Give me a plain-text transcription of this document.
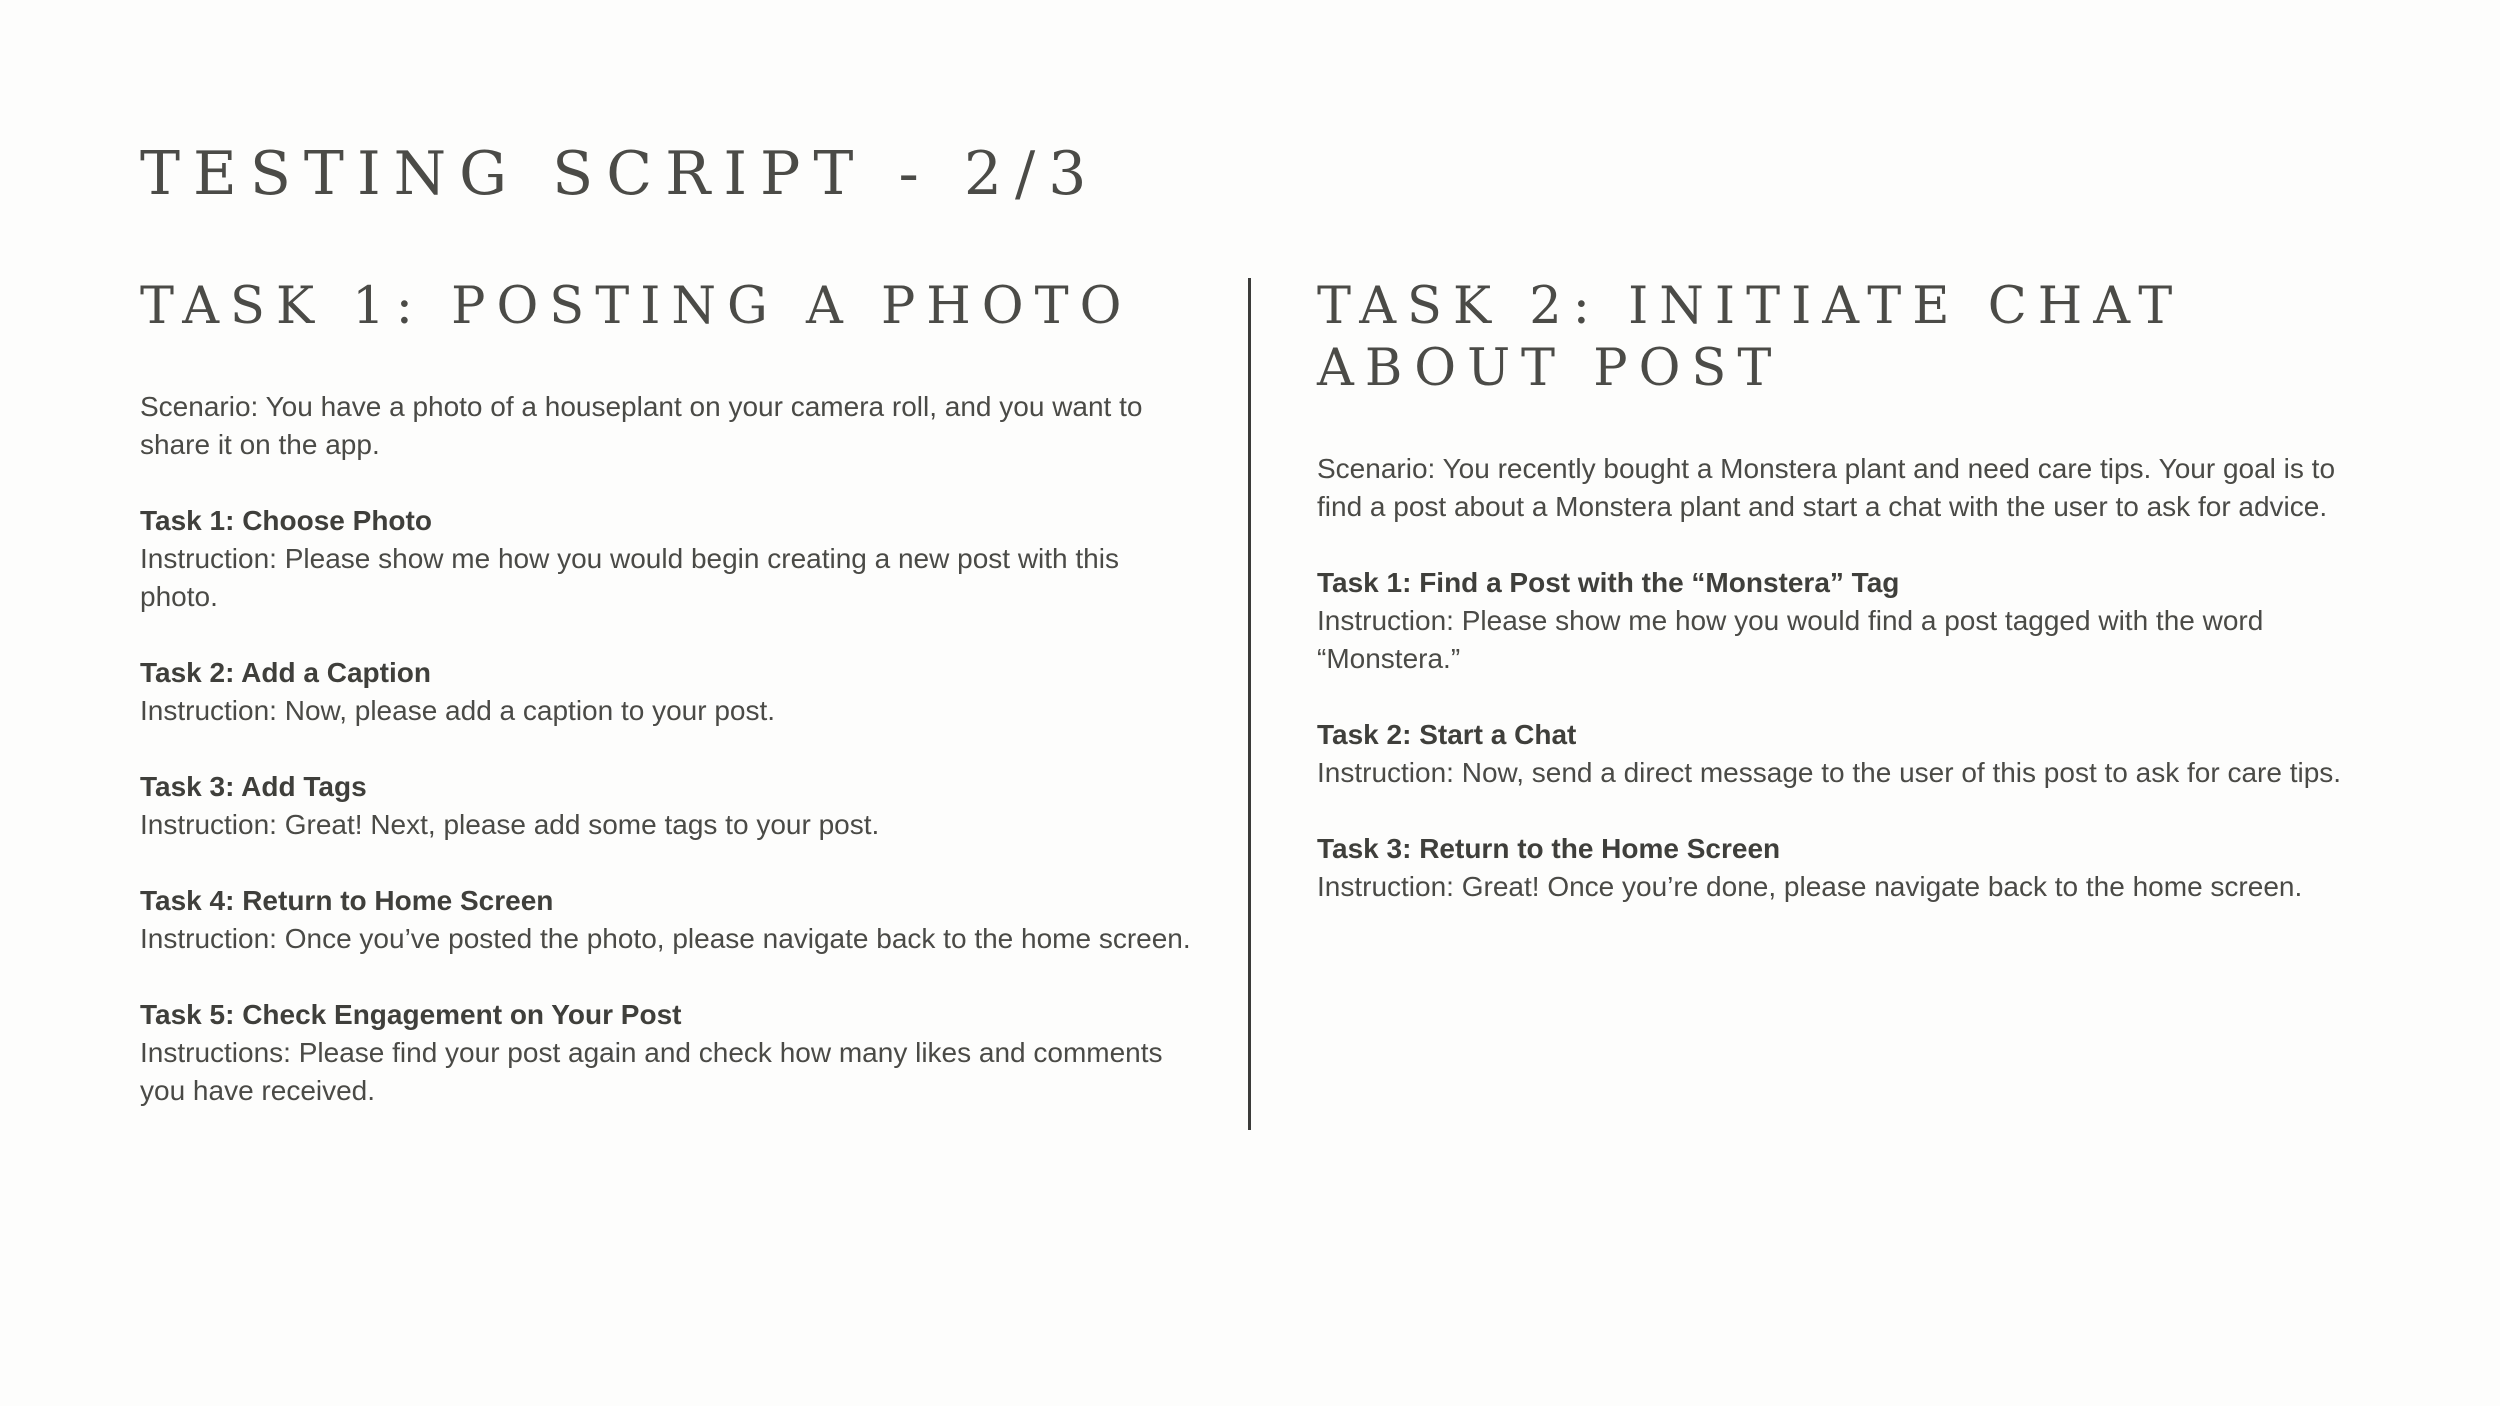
TESTING SCRIPT - 2/3
TASK 1: POSTING A PHOTO

Scenario: You have a photo of a houseplant on your camera roll, and you want to share it on the app.

Task 1: Choose Photo

Instruction: Please show me how you would begin creating a new post with this photo.

Task 2: Add a Caption

Instruction: Now, please add a caption to your post.

Task 3: Add Tags

Instruction: Great! Next, please add some tags to your post.

Task 4: Return to Home Screen

Instruction: Once you’ve posted the photo, please navigate back to the home screen.

Task 5: Check Engagement on Your Post

Instructions: Please find your post again and check how many likes and comments you have received.

TASK 2: INITIATE CHAT ABOUT POST

Scenario: You recently bought a Monstera plant and need care tips. Your goal is to find a post about a Monstera plant and start a chat with the user to ask for advice.

Task 1: Find a Post with the “Monstera” Tag

Instruction: Please show me how you would find a post tagged with the word “Monstera.”

Task 2: Start a Chat

Instruction: Now, send a direct message to the user of this post to ask for care tips.

Task 3: Return to the Home Screen

Instruction: Great! Once you’re done, please navigate back to the home screen.
